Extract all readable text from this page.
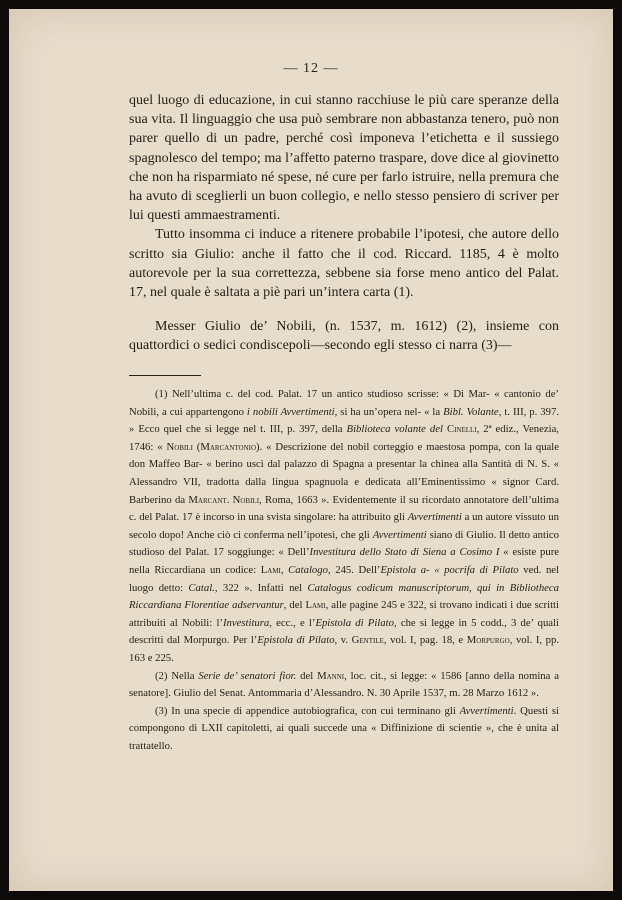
— 12 —

quel luogo di educazione, in cui stanno racchiuse le più care speranze della sua vita. Il linguaggio che usa può sembrare non abbastanza tenero, può non parer quello di un padre, perché così imponeva l’etichetta e il sussiego spagnolesco del tempo; ma l’affetto paterno traspare, dove dice al giovinetto che non ha risparmiato né spese, né cure per farlo istruire, nella premura che ha avuto di sceglierli un buon collegio, e nello stesso pensiero di scriver per lui questi ammaestramenti.

Tutto insomma ci induce a ritenere probabile l’ipotesi, che autore dello scritto sia Giulio: anche il fatto che il cod. Riccard. 1185, 4 è molto autorevole per la sua correttezza, sebbene sia forse meno antico del Palat. 17, nel quale è saltata a piè pari un’intera carta (1).

Messer Giulio de’ Nobili, (n. 1537, m. 1612) (2), insieme con quattordici o sedici condiscepoli—secondo egli stesso ci narra (3)—

(1) Nell’ultima c. del cod. Palat. 17 un antico studioso scrisse: « Di Mar- « cantonio de’ Nobili, a cui appartengono i nobili Avvertimenti, si ha un’opera nel- « la Bibl. Volante, t. III, p. 397. » Ecco quel che si legge nel t. III, p. 397, della Biblioteca volante del Cinelli, 2ª ediz., Venezia, 1746: « Nobili (Marcantonio). « Descrizione del nobil corteggio e maestosa pompa, con la quale don Maffeo Bar- « berino uscì dal palazzo di Spagna a presentar la chinea alla Santità di N. S. « Alessandro VII, tradotta dalla lingua spagnuola e dedicata all’Eminentissimo « signor Card. Barberino da Marcant. Nobili, Roma, 1663 ». Evidentemente il su ricordato annotatore dell’ultima c. del Palat. 17 è incorso in una svista singolare: ha attribuito gli Avvertimenti a un autore vissuto un secolo dopo! Anche ciò ci conferma nell’ipotesi, che gli Avvertimenti siano di Giulio. Il detto antico studioso del Palat. 17 soggiunge: « Dell’Investitura dello Stato di Siena a Cosimo I « esiste pure nella Riccardiana un codice: Lami, Catalogo, 245. Dell’Epistola a- « pocrifa di Pilato ved. nel luogo detto: Catal., 322 ». Infatti nel Catalogus codicum manuscriptorum, qui in Bibliotheca Riccardiana Florentiae adservantur, del Lami, alle pagine 245 e 322, si trovano indicati i due scritti attribuiti al Nobili: l’Investitura, ecc., e l’Epistola di Pilato, che si legge in 5 codd., 3 de’ quali descritti dal Morpurgo. Per l’Epistola di Pilato, v. Gentile, vol. I, pag. 18, e Morpurgo, vol. I, pp. 163 e 225.

(2) Nella Serie de’ senatori fior. del Manni, loc. cit., si legge: « 1586 [anno della nomina a senatore]. Giulio del Senat. Antommaria d’Alessandro. N. 30 Aprile 1537, m. 28 Marzo 1612 ».

(3) In una specie di appendice autobiografica, con cui terminano gli Avvertimenti. Questi si compongono di LXII capitoletti, ai quali succede una « Diffinizione di scientie », che è unita al trattatello.
